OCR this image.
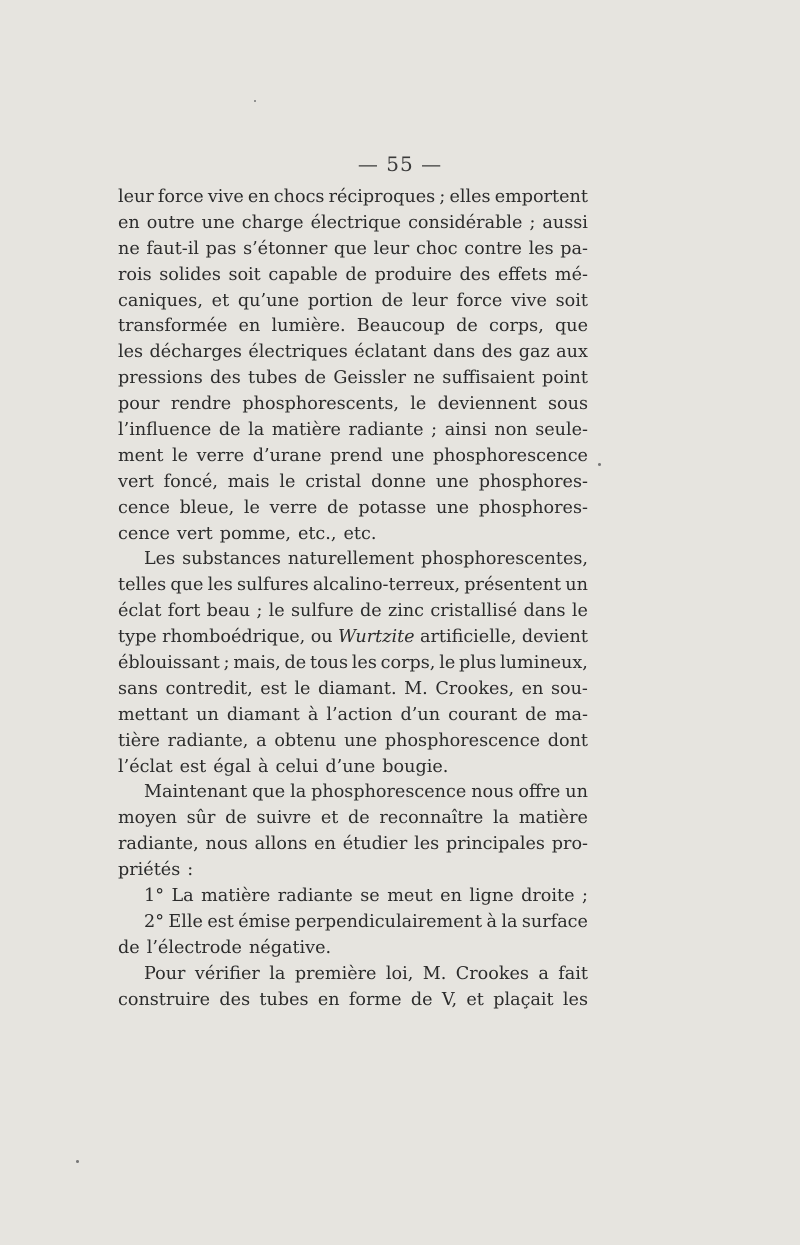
— 55 —
leur force vive en chocs réciproques ; elles emportent
en outre une charge électrique considérable ; aussi
ne faut-il pas s’étonner que leur choc contre les pa-
rois solides soit capable de produire des effets mé-
caniques, et qu’une portion de leur force vive soit
transformée en lumière. Beaucoup de corps, que
les décharges électriques éclatant dans des gaz aux
pressions des tubes de Geissler ne suffisaient point
pour rendre phosphorescents, le deviennent sous
l’influence de la matière radiante ; ainsi non seule-
ment le verre d’urane prend une phosphorescence
vert foncé, mais le cristal donne une phosphores-
cence bleue, le verre de potasse une phosphores-
cence vert pomme, etc., etc.
Les substances naturellement phosphorescentes,
telles que les sulfures alcalino-terreux, présentent un
éclat fort beau ; le sulfure de zinc cristallisé dans le
type rhomboédrique, ou Wurtzite artificielle, devient
éblouissant ; mais, de tous les corps, le plus lumineux,
sans contredit, est le diamant. M. Crookes, en sou-
mettant un diamant à l’action d’un courant de ma-
tière radiante, a obtenu une phosphorescence dont
l’éclat est égal à celui d’une bougie.
Maintenant que la phosphorescence nous offre un
moyen sûr de suivre et de reconnaître la matière
radiante, nous allons en étudier les principales pro-
priétés :
1° La matière radiante se meut en ligne droite ;
2° Elle est émise perpendiculairement à la surface
de l’électrode négative.
Pour vérifier la première loi, M. Crookes a fait
construire des tubes en forme de V, et plaçait les
